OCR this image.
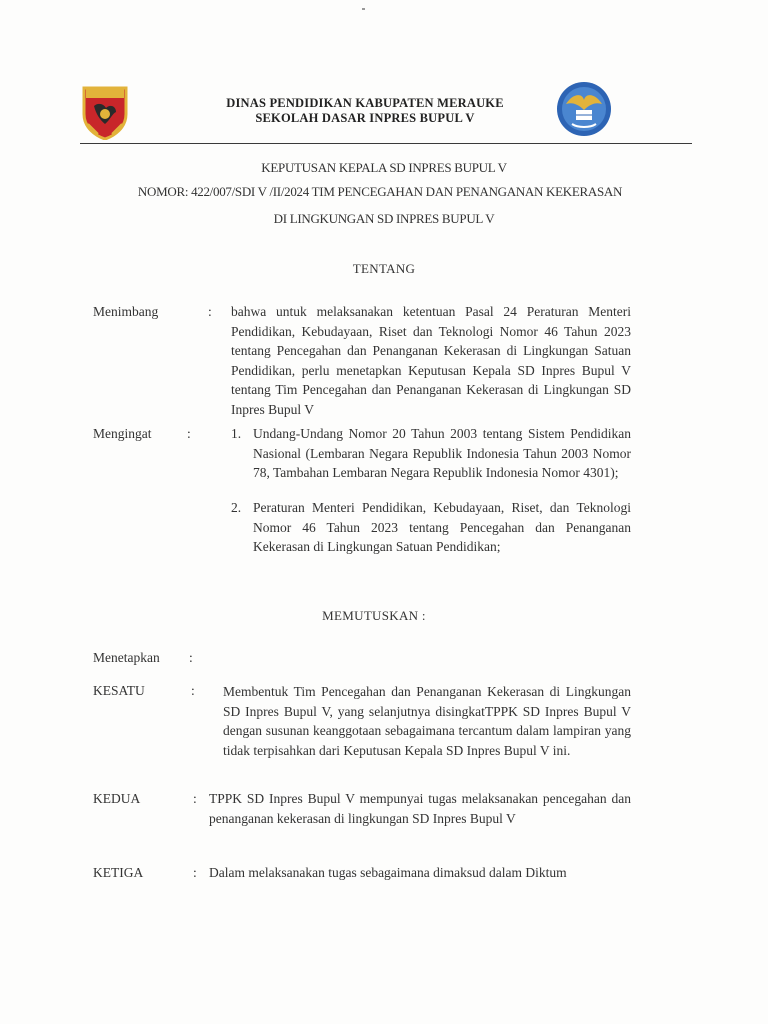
DINAS PENDIDIKAN KABUPATEN MERAUKE
SEKOLAH DASAR INPRES BUPUL V
KEPUTUSAN KEPALA SD INPRES BUPUL V
NOMOR: 422/007/SDI V /II/2024 TIM PENCEGAHAN DAN PENANGANAN KEKERASAN
DI LINGKUNGAN SD INPRES BUPUL V
TENTANG
Menimbang	: bahwa untuk melaksanakan ketentuan Pasal 24 Peraturan Menteri Pendidikan, Kebudayaan, Riset dan Teknologi Nomor 46 Tahun 2023 tentang Pencegahan dan Penanganan Kekerasan di Lingkungan Satuan Pendidikan, perlu menetapkan Keputusan Kepala SD Inpres Bupul V tentang Tim Pencegahan dan Penanganan Kekerasan di Lingkungan SD Inpres Bupul V
Mengingat	:	1. Undang-Undang Nomor 20 Tahun 2003 tentang Sistem Pendidikan Nasional (Lembaran Negara Republik Indonesia Tahun 2003 Nomor 78, Tambahan Lembaran Negara Republik Indonesia Nomor 4301);
2. Peraturan Menteri Pendidikan, Kebudayaan, Riset, dan Teknologi Nomor 46 Tahun 2023 tentang Pencegahan dan Penanganan Kekerasan di Lingkungan Satuan Pendidikan;
MEMUTUSKAN :
Menetapkan :
KESATU	: Membentuk Tim Pencegahan dan Penanganan Kekerasan di Lingkungan SD Inpres Bupul V, yang selanjutnya disingkatTPPK SD Inpres Bupul V dengan susunan keanggotaan sebagaimana tercantum dalam lampiran yang tidak terpisahkan dari Keputusan Kepala SD Inpres Bupul V ini.
KEDUA	: TPPK SD Inpres Bupul V mempunyai tugas melaksanakan pencegahan dan penanganan kekerasan di lingkungan SD Inpres Bupul V
KETIGA	: Dalam melaksanakan tugas sebagaimana dimaksud dalam Diktum
